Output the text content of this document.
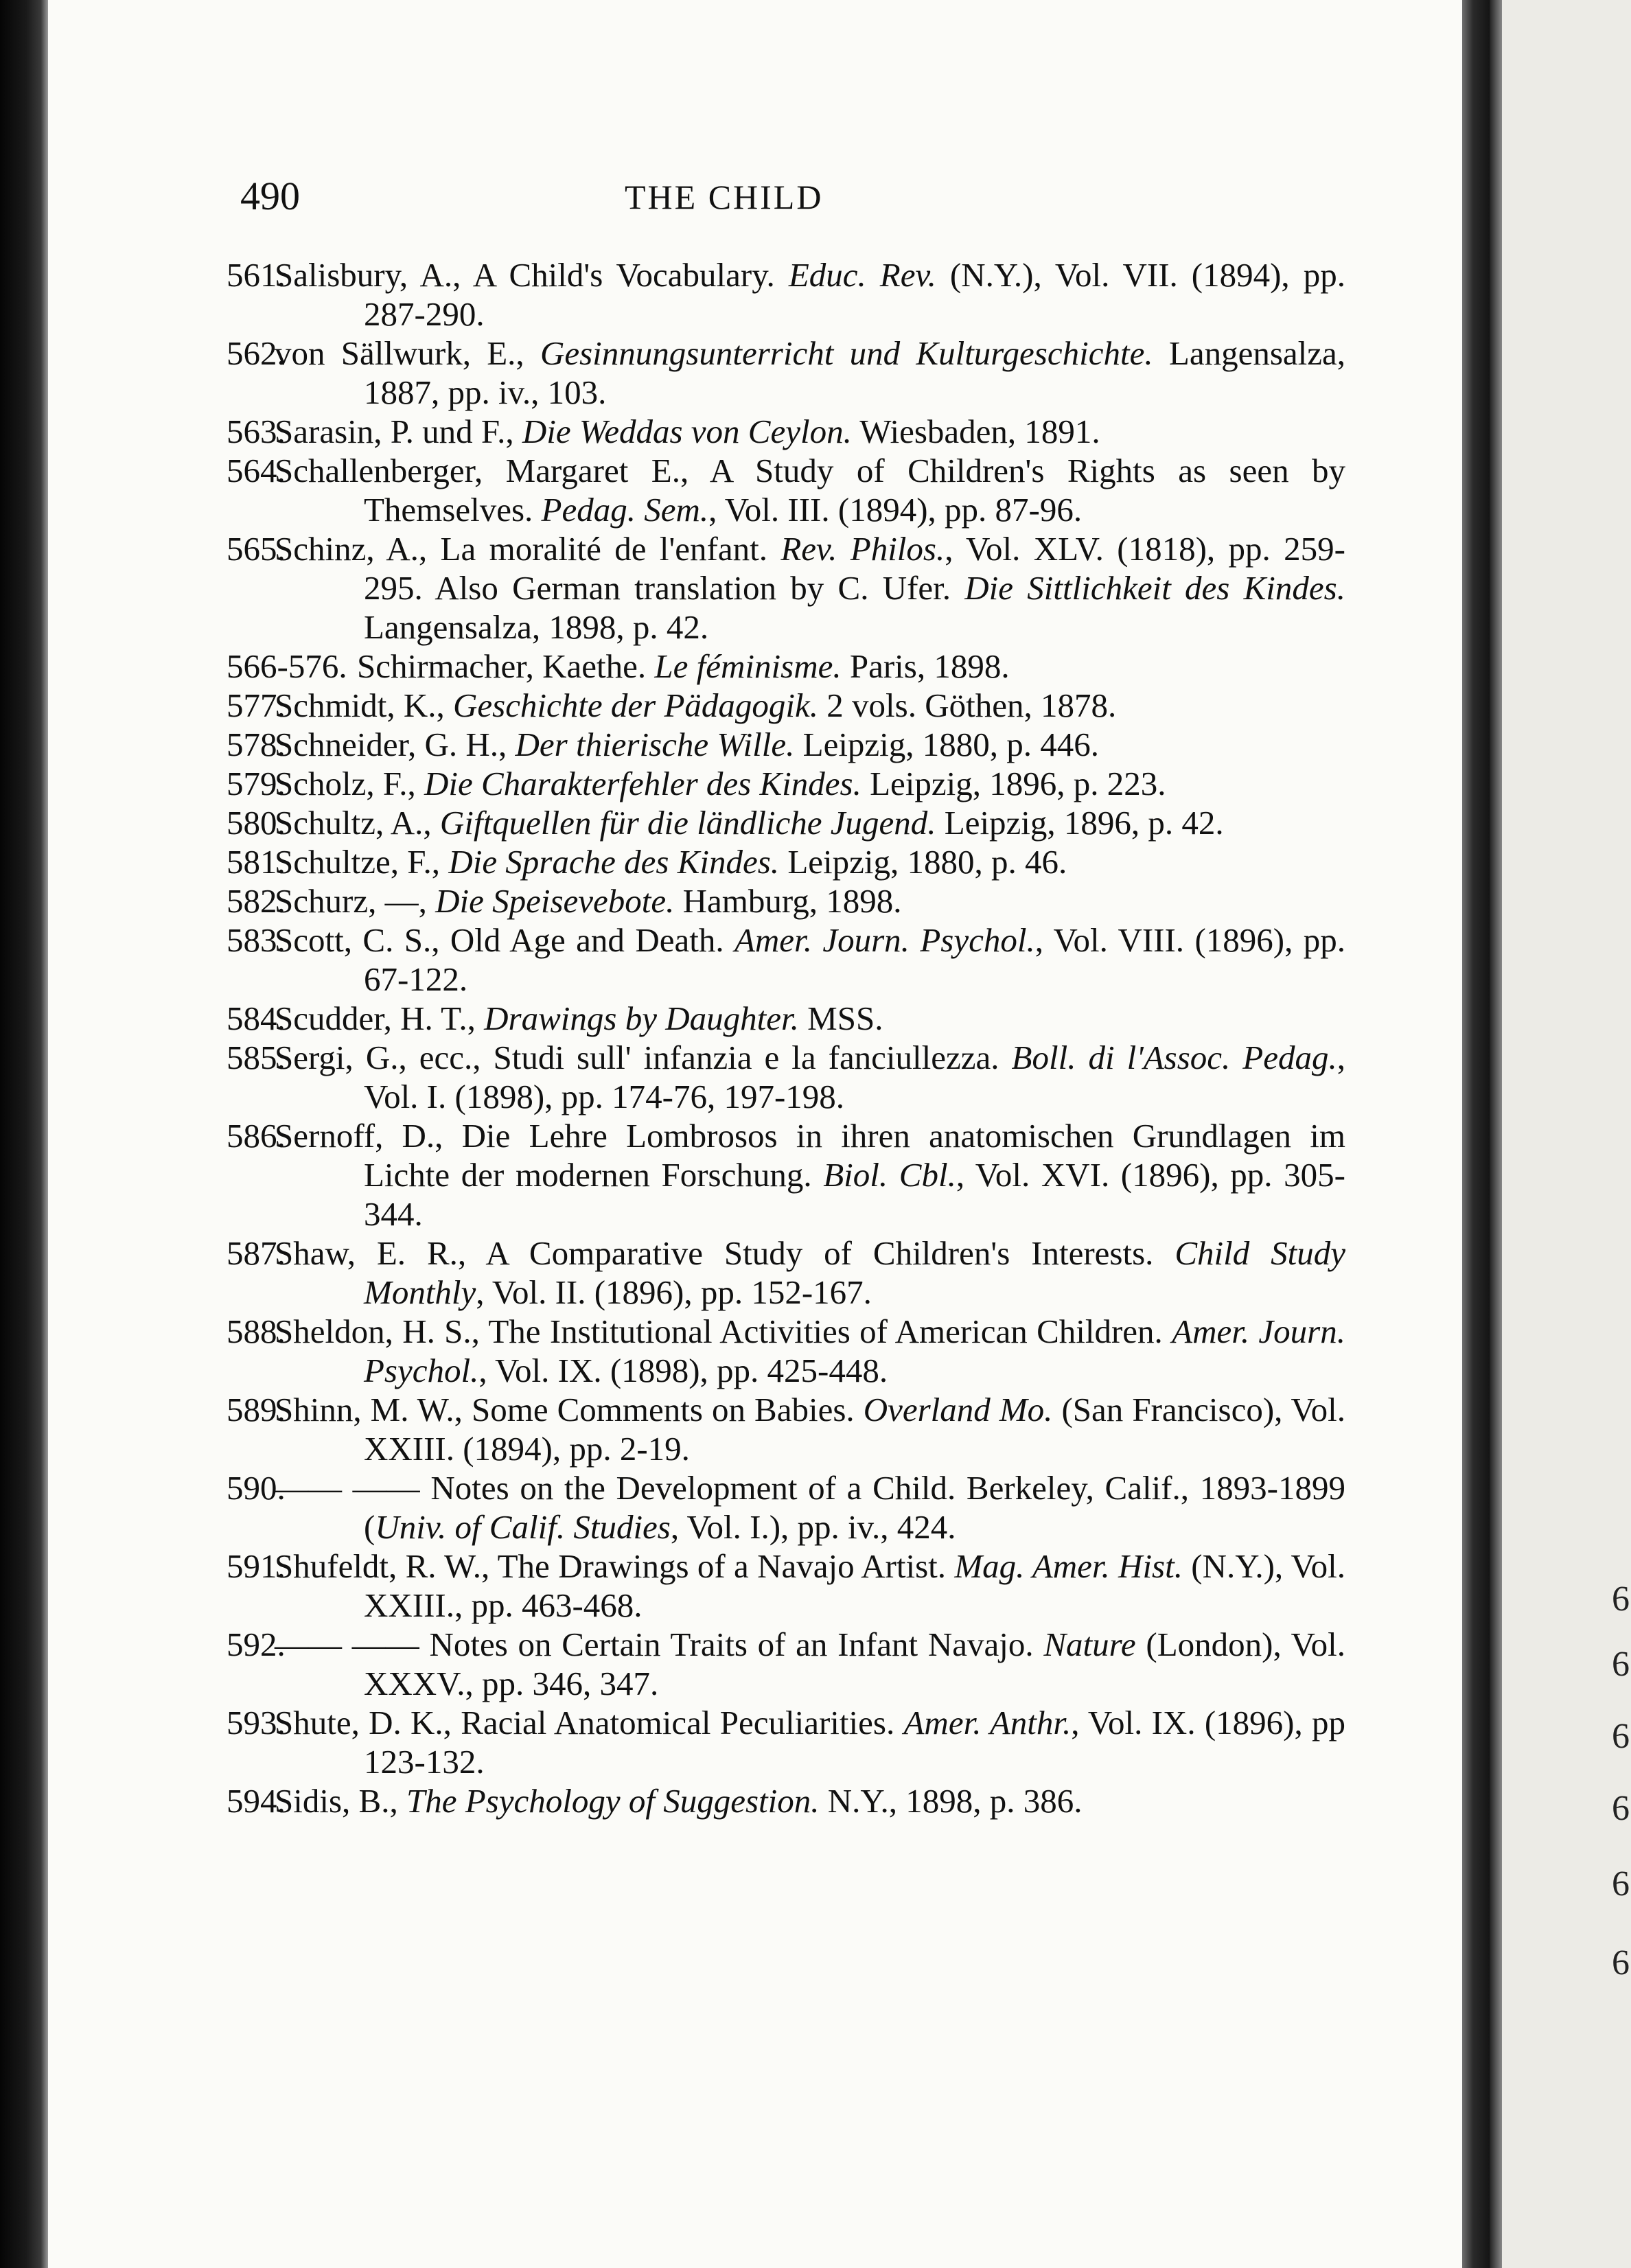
490	THE CHILD
561.
Salisbury, A., A Child's Vocabulary. Educ. Rev. (N.Y.), Vol. VII. (1894), pp. 287-290.
562.
von Sällwurk, E., Gesinnungsunterricht und Kulturgeschichte. Langensalza, 1887, pp. iv., 103.
563.
Sarasin, P. und F., Die Weddas von Ceylon. Wiesbaden, 1891.
564.
Schallenberger, Margaret E., A Study of Children's Rights as seen by Themselves. Pedag. Sem., Vol. III. (1894), pp. 87-96.
565.
Schinz, A., La moralité de l'enfant. Rev. Philos., Vol. XLV. (1818), pp. 259-295. Also German translation by C. Ufer. Die Sittlichkeit des Kindes. Langensalza, 1898, p. 42.
566-576. Schirmacher, Kaethe. Le féminisme. Paris, 1898.
577.
Schmidt, K., Geschichte der Pädagogik. 2 vols. Göthen, 1878.
578.
Schneider, G. H., Der thierische Wille. Leipzig, 1880, p. 446.
579.
Scholz, F., Die Charakterfehler des Kindes. Leipzig, 1896, p. 223.
580.
Schultz, A., Giftquellen für die ländliche Jugend. Leipzig, 1896, p. 42.
581.
Schultze, F., Die Sprache des Kindes. Leipzig, 1880, p. 46.
582.
Schurz, —, Die Speisevebote. Hamburg, 1898.
583.
Scott, C. S., Old Age and Death. Amer. Journ. Psychol., Vol. VIII. (1896), pp. 67-122.
584.
Scudder, H. T., Drawings by Daughter. MSS.
585.
Sergi, G., ecc., Studi sull' infanzia e la fanciullezza. Boll. di l'Assoc. Pedag., Vol. I. (1898), pp. 174-76, 197-198.
586.
Sernoff, D., Die Lehre Lombrosos in ihren anatomischen Grundlagen im Lichte der modernen Forschung. Biol. Cbl., Vol. XVI. (1896), pp. 305-344.
587.
Shaw, E. R., A Comparative Study of Children's Interests. Child Study Monthly, Vol. II. (1896), pp. 152-167.
588.
Sheldon, H. S., The Institutional Activities of American Children. Amer. Journ. Psychol., Vol. IX. (1898), pp. 425-448.
589.
Shinn, M. W., Some Comments on Babies. Overland Mo. (San Francisco), Vol. XXIII. (1894), pp. 2-19.
590.
—— —— Notes on the Development of a Child. Berkeley, Calif., 1893-1899 (Univ. of Calif. Studies, Vol. I.), pp. iv., 424.
591.
Shufeldt, R. W., The Drawings of a Navajo Artist. Mag. Amer. Hist. (N.Y.), Vol. XXIII., pp. 463-468.
592.
—— —— Notes on Certain Traits of an Infant Navajo. Nature (London), Vol. XXXV., pp. 346, 347.
593.
Shute, D. K., Racial Anatomical Peculiarities. Amer. Anthr., Vol. IX. (1896), pp 123-132.
594.
Sidis, B., The Psychology of Suggestion. N.Y., 1898, p. 386.
6
6
6
6
6
6
